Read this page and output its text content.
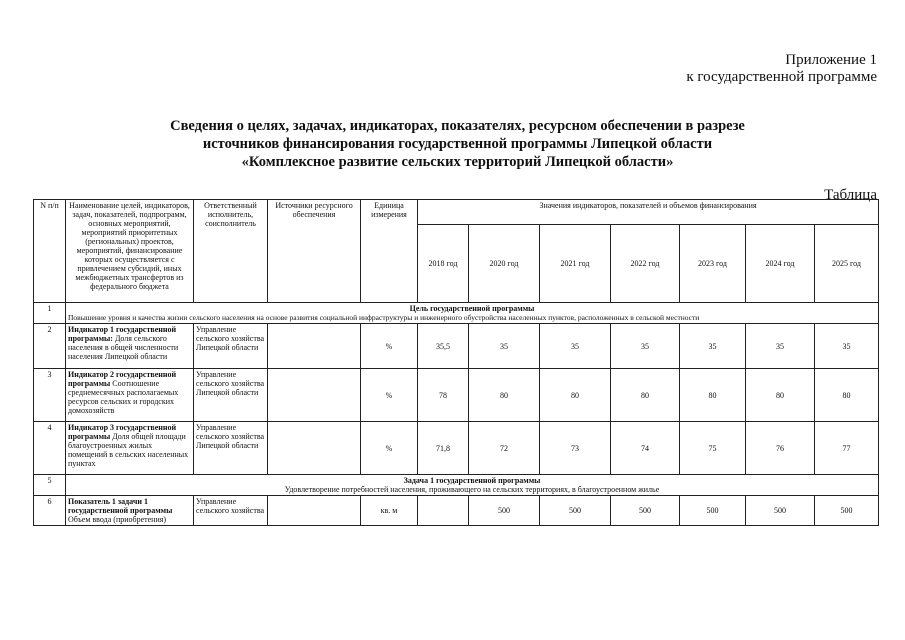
Приложение 1
к государственной программе
Сведения о целях, задачах, индикаторах, показателях, ресурсном обеспечении в разрезе
источников финансирования государственной программы Липецкой области
«Комплексное развитие сельских территорий Липецкой области»
Таблица
N п/п	Наименование целей, индикаторов, задач, показателей, подпрограмм, основных мероприятий, мероприятий приоритетных (региональных) проектов, мероприятий, финансирование которых осуществляется с привлечением субсидий, иных межбюджетных трансфертов из федерального бюджета	Ответственный исполнитель, соисполнитель	Источники ресурсного обеспечения	Единица измерения	Значения индикаторов, показателей и объемов финансирования						
					2018 год	2020 год	2021 год	2022 год	2023 год	2024 год	2025 год
1	Цель государственной программы
Повышение уровня и качества жизни сельского населения на основе развития социальной инфраструктуры и инженерного обустройства населенных пунктов, расположенных в сельской местности										

2	Индикатор 1 государственной программы: Доля сельского населения в общей численности населения Липецкой области	Управление сельского хозяйства Липецкой области		%	35,5	35	35	35	35	35	35
3	Индикатор 2 государственной программы Соотношение среднемесячных располагаемых ресурсов сельских и городских домохозяйств	Управление сельского хозяйства Липецкой области		%	78	80	80	80	80	80	80
4	Индикатор 3 государственной программы Доля общей площади благоустроенных жилых помещений в сельских населенных пунктах	Управление сельского хозяйства Липецкой области		%	71,8	72	73	74	75	76	77
5	Задача 1 государственной программы
Удовлетворение потребностей населения, проживающего на сельских территориях, в благоустроенном жилье										

6	Показатель 1 задачи 1 государственной программы Объем ввода (приобретения)	Управление сельского хозяйства		кв. м		500	500	500	500	500	500
